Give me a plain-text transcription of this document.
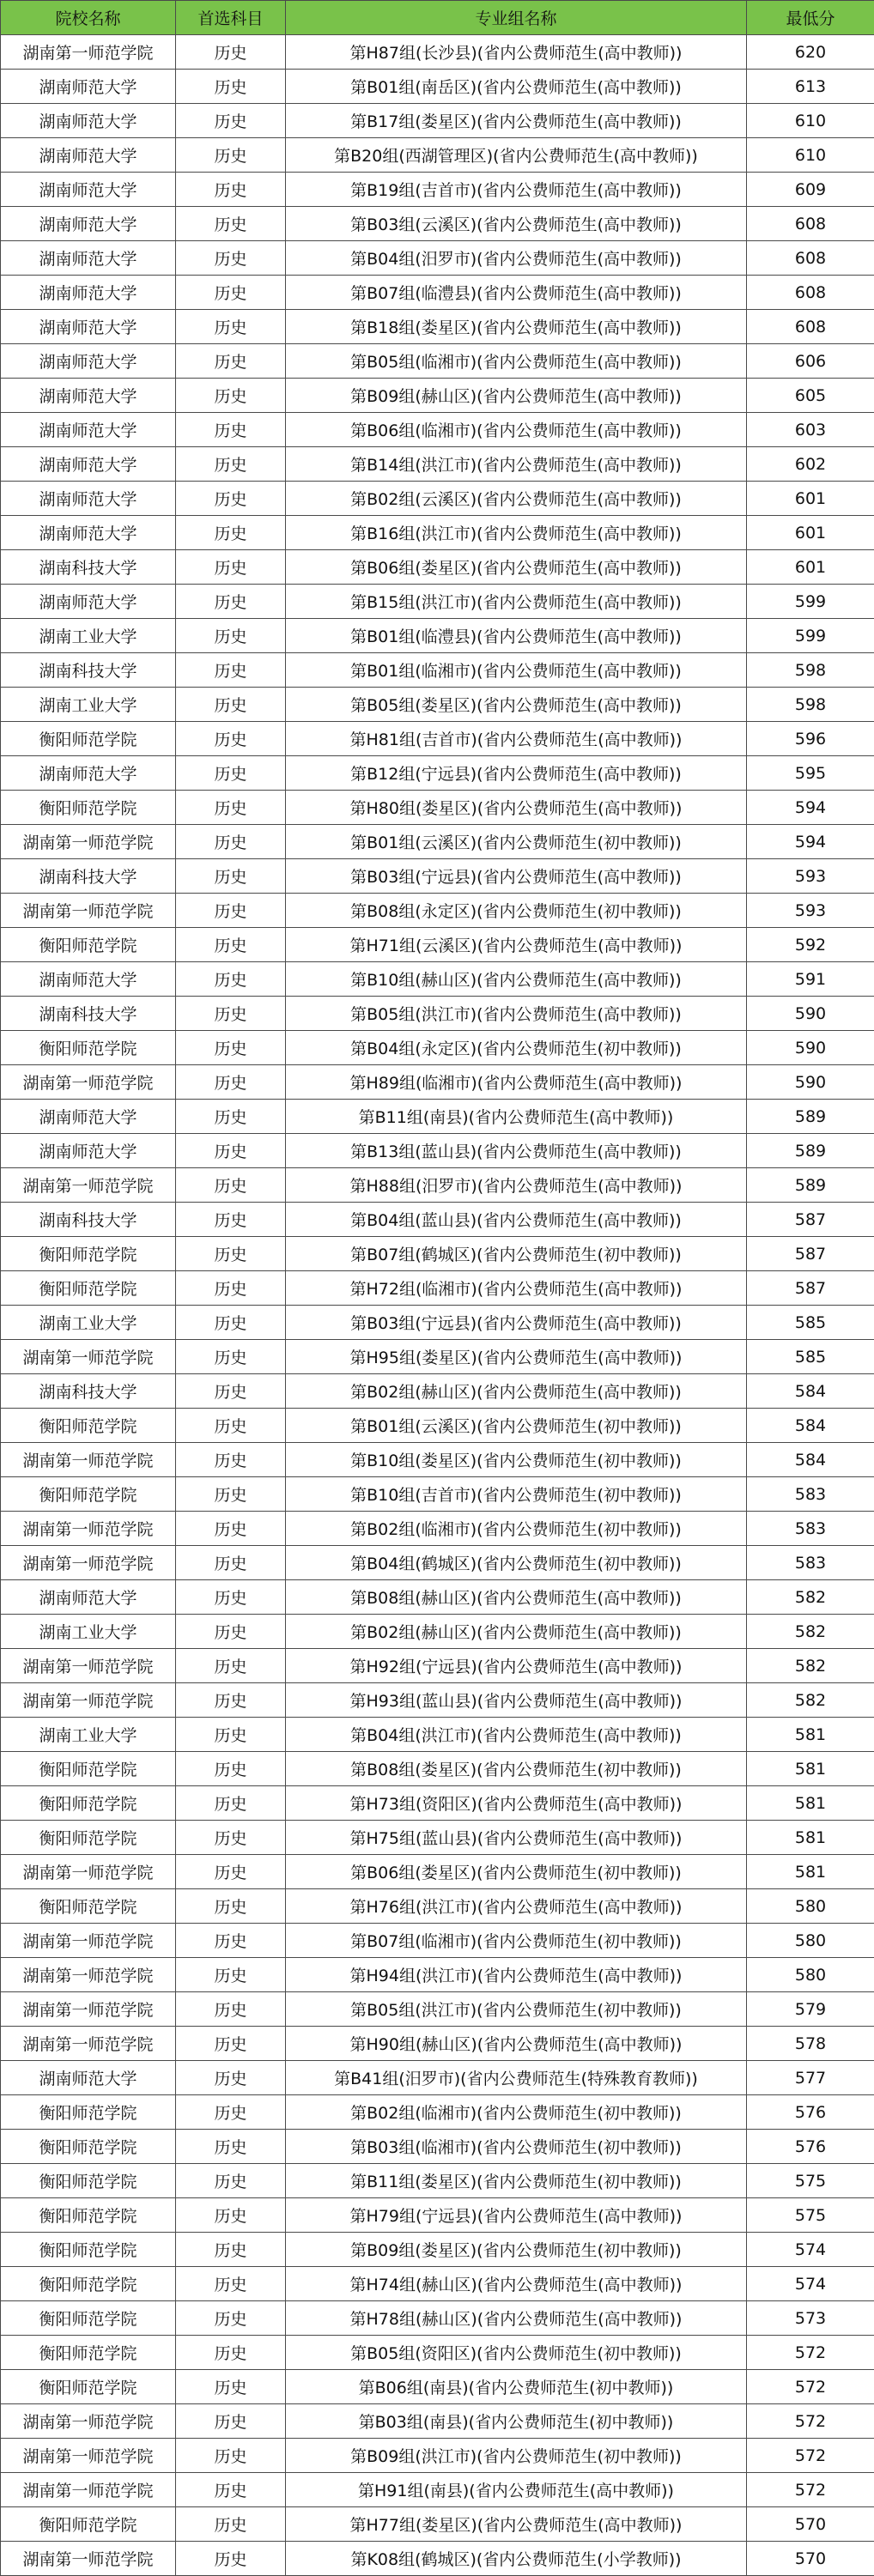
院校名称	首选科目	专业组名称	最低分
湖南第一师范学院	历史	第H87组(长沙县)(省内公费师范生(高中教师))	620
湖南师范大学	历史	第B01组(南岳区)(省内公费师范生(高中教师))	613
湖南师范大学	历史	第B17组(娄星区)(省内公费师范生(高中教师))	610
湖南师范大学	历史	第B20组(西湖管理区)(省内公费师范生(高中教师))	610
湖南师范大学	历史	第B19组(吉首市)(省内公费师范生(高中教师))	609
湖南师范大学	历史	第B03组(云溪区)(省内公费师范生(高中教师))	608
湖南师范大学	历史	第B04组(汨罗市)(省内公费师范生(高中教师))	608
湖南师范大学	历史	第B07组(临澧县)(省内公费师范生(高中教师))	608
湖南师范大学	历史	第B18组(娄星区)(省内公费师范生(高中教师))	608
湖南师范大学	历史	第B05组(临湘市)(省内公费师范生(高中教师))	606
湖南师范大学	历史	第B09组(赫山区)(省内公费师范生(高中教师))	605
湖南师范大学	历史	第B06组(临湘市)(省内公费师范生(高中教师))	603
湖南师范大学	历史	第B14组(洪江市)(省内公费师范生(高中教师))	602
湖南师范大学	历史	第B02组(云溪区)(省内公费师范生(高中教师))	601
湖南师范大学	历史	第B16组(洪江市)(省内公费师范生(高中教师))	601
湖南科技大学	历史	第B06组(娄星区)(省内公费师范生(高中教师))	601
湖南师范大学	历史	第B15组(洪江市)(省内公费师范生(高中教师))	599
湖南工业大学	历史	第B01组(临澧县)(省内公费师范生(高中教师))	599
湖南科技大学	历史	第B01组(临湘市)(省内公费师范生(高中教师))	598
湖南工业大学	历史	第B05组(娄星区)(省内公费师范生(高中教师))	598
衡阳师范学院	历史	第H81组(吉首市)(省内公费师范生(高中教师))	596
湖南师范大学	历史	第B12组(宁远县)(省内公费师范生(高中教师))	595
衡阳师范学院	历史	第H80组(娄星区)(省内公费师范生(高中教师))	594
湖南第一师范学院	历史	第B01组(云溪区)(省内公费师范生(初中教师))	594
湖南科技大学	历史	第B03组(宁远县)(省内公费师范生(高中教师))	593
湖南第一师范学院	历史	第B08组(永定区)(省内公费师范生(初中教师))	593
衡阳师范学院	历史	第H71组(云溪区)(省内公费师范生(高中教师))	592
湖南师范大学	历史	第B10组(赫山区)(省内公费师范生(高中教师))	591
湖南科技大学	历史	第B05组(洪江市)(省内公费师范生(高中教师))	590
衡阳师范学院	历史	第B04组(永定区)(省内公费师范生(初中教师))	590
湖南第一师范学院	历史	第H89组(临湘市)(省内公费师范生(高中教师))	590
湖南师范大学	历史	第B11组(南县)(省内公费师范生(高中教师))	589
湖南师范大学	历史	第B13组(蓝山县)(省内公费师范生(高中教师))	589
湖南第一师范学院	历史	第H88组(汨罗市)(省内公费师范生(高中教师))	589
湖南科技大学	历史	第B04组(蓝山县)(省内公费师范生(高中教师))	587
衡阳师范学院	历史	第B07组(鹤城区)(省内公费师范生(初中教师))	587
衡阳师范学院	历史	第H72组(临湘市)(省内公费师范生(高中教师))	587
湖南工业大学	历史	第B03组(宁远县)(省内公费师范生(高中教师))	585
湖南第一师范学院	历史	第H95组(娄星区)(省内公费师范生(高中教师))	585
湖南科技大学	历史	第B02组(赫山区)(省内公费师范生(高中教师))	584
衡阳师范学院	历史	第B01组(云溪区)(省内公费师范生(初中教师))	584
湖南第一师范学院	历史	第B10组(娄星区)(省内公费师范生(初中教师))	584
衡阳师范学院	历史	第B10组(吉首市)(省内公费师范生(初中教师))	583
湖南第一师范学院	历史	第B02组(临湘市)(省内公费师范生(初中教师))	583
湖南第一师范学院	历史	第B04组(鹤城区)(省内公费师范生(初中教师))	583
湖南师范大学	历史	第B08组(赫山区)(省内公费师范生(高中教师))	582
湖南工业大学	历史	第B02组(赫山区)(省内公费师范生(高中教师))	582
湖南第一师范学院	历史	第H92组(宁远县)(省内公费师范生(高中教师))	582
湖南第一师范学院	历史	第H93组(蓝山县)(省内公费师范生(高中教师))	582
湖南工业大学	历史	第B04组(洪江市)(省内公费师范生(高中教师))	581
衡阳师范学院	历史	第B08组(娄星区)(省内公费师范生(初中教师))	581
衡阳师范学院	历史	第H73组(资阳区)(省内公费师范生(高中教师))	581
衡阳师范学院	历史	第H75组(蓝山县)(省内公费师范生(高中教师))	581
湖南第一师范学院	历史	第B06组(娄星区)(省内公费师范生(初中教师))	581
衡阳师范学院	历史	第H76组(洪江市)(省内公费师范生(高中教师))	580
湖南第一师范学院	历史	第B07组(临湘市)(省内公费师范生(初中教师))	580
湖南第一师范学院	历史	第H94组(洪江市)(省内公费师范生(高中教师))	580
湖南第一师范学院	历史	第B05组(洪江市)(省内公费师范生(初中教师))	579
湖南第一师范学院	历史	第H90组(赫山区)(省内公费师范生(高中教师))	578
湖南师范大学	历史	第B41组(汨罗市)(省内公费师范生(特殊教育教师))	577
衡阳师范学院	历史	第B02组(临湘市)(省内公费师范生(初中教师))	576
衡阳师范学院	历史	第B03组(临湘市)(省内公费师范生(初中教师))	576
衡阳师范学院	历史	第B11组(娄星区)(省内公费师范生(初中教师))	575
衡阳师范学院	历史	第H79组(宁远县)(省内公费师范生(高中教师))	575
衡阳师范学院	历史	第B09组(娄星区)(省内公费师范生(初中教师))	574
衡阳师范学院	历史	第H74组(赫山区)(省内公费师范生(高中教师))	574
衡阳师范学院	历史	第H78组(赫山区)(省内公费师范生(高中教师))	573
衡阳师范学院	历史	第B05组(资阳区)(省内公费师范生(初中教师))	572
衡阳师范学院	历史	第B06组(南县)(省内公费师范生(初中教师))	572
湖南第一师范学院	历史	第B03组(南县)(省内公费师范生(初中教师))	572
湖南第一师范学院	历史	第B09组(洪江市)(省内公费师范生(初中教师))	572
湖南第一师范学院	历史	第H91组(南县)(省内公费师范生(高中教师))	572
衡阳师范学院	历史	第H77组(娄星区)(省内公费师范生(高中教师))	570
湖南第一师范学院	历史	第K08组(鹤城区)(省内公费师范生(小学教师))	570
